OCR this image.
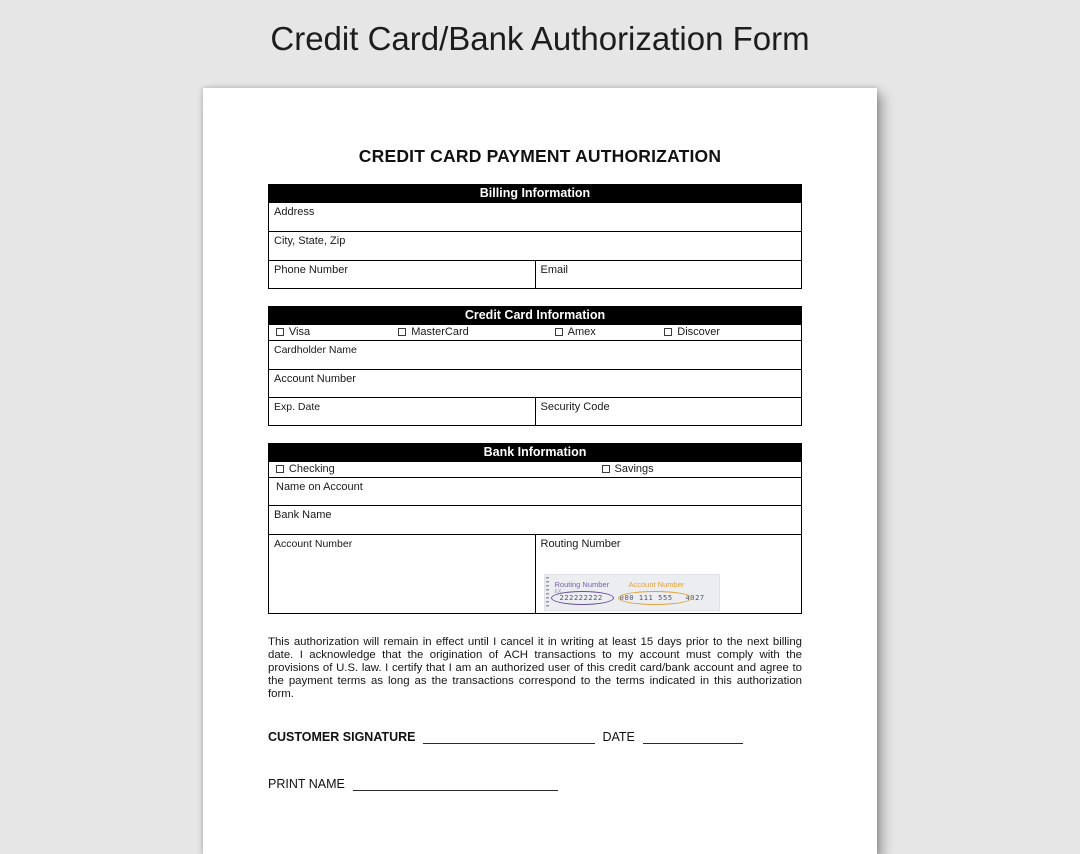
Credit Card/Bank Authorization Form
CREDIT CARD PAYMENT AUTHORIZATION
Billing Information
Address
City, State, Zip
Phone Number	Email
Credit Card Information
Visa	MasterCard	Amex	Discover
Cardholder Name
Account Number
Exp. Date	Security Code
Bank Information
Checking	Savings
Name on Account
Bank Name
Account Number	Routing Number
Routing Number	Account Number
EX.
222222222 000 111 555 4027

This authorization will remain in effect until I cancel it in writing at least 15 days prior to the next billing date. I acknowledge that the origination of ACH transactions to my account must comply with the provisions of U.S. law. I certify that I am an authorized user of this credit card/bank account and agree to the payment terms as long as the transactions correspond to the terms indicated in this authorization form.

CUSTOMER SIGNATURE	DATE
PRINT NAME
